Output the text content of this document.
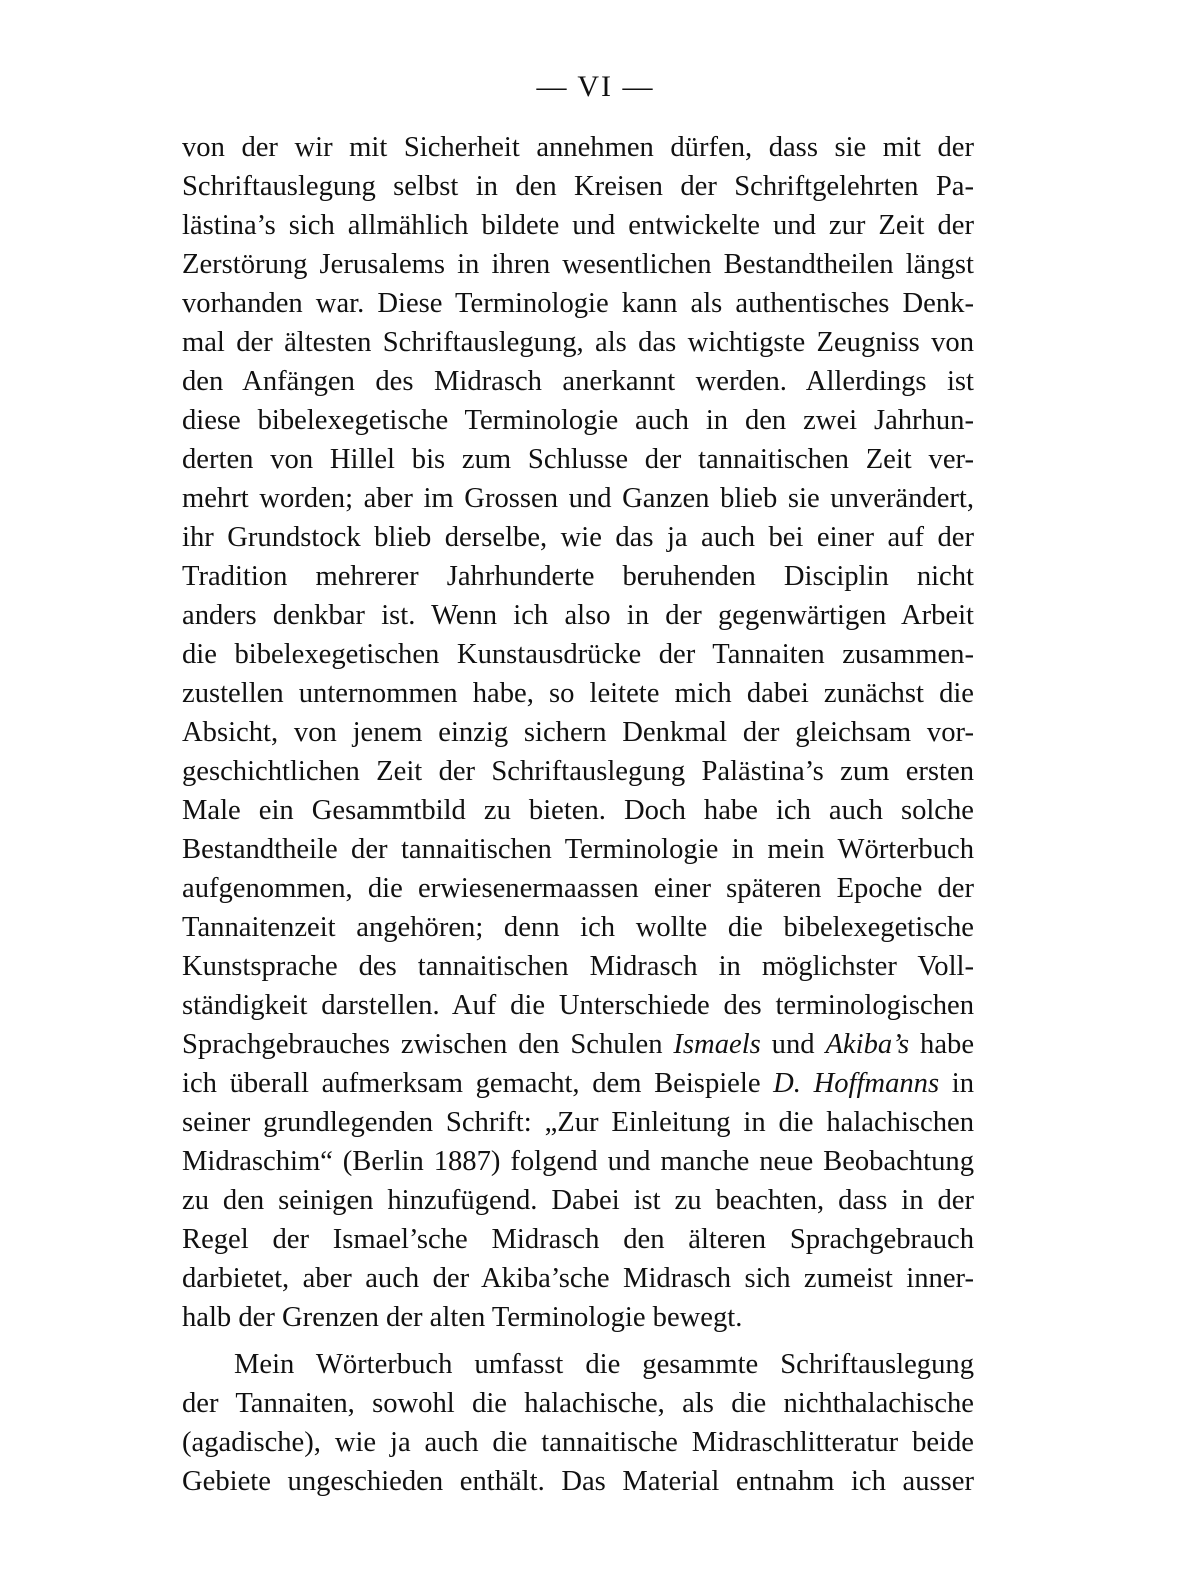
— VI —
von der wir mit Sicherheit annehmen dürfen, dass sie mit der
Schriftauslegung selbst in den Kreisen der Schriftgelehrten Pa-
lästina’s sich allmählich bildete und entwickelte und zur Zeit der
Zerstörung Jerusalems in ihren wesentlichen Bestandtheilen längst
vorhanden war. Diese Terminologie kann als authentisches Denk-
mal der ältesten Schriftauslegung, als das wichtigste Zeugniss von
den Anfängen des Midrasch anerkannt werden. Allerdings ist
diese bibelexegetische Terminologie auch in den zwei Jahrhun-
derten von Hillel bis zum Schlusse der tannaitischen Zeit ver-
mehrt worden; aber im Grossen und Ganzen blieb sie unverändert,
ihr Grundstock blieb derselbe, wie das ja auch bei einer auf der
Tradition mehrerer Jahrhunderte beruhenden Disciplin nicht
anders denkbar ist. Wenn ich also in der gegenwärtigen Arbeit
die bibelexegetischen Kunstausdrücke der Tannaiten zusammen-
zustellen unternommen habe, so leitete mich dabei zunächst die
Absicht, von jenem einzig sichern Denkmal der gleichsam vor-
geschichtlichen Zeit der Schriftauslegung Palästina’s zum ersten
Male ein Gesammtbild zu bieten. Doch habe ich auch solche
Bestandtheile der tannaitischen Terminologie in mein Wörterbuch
aufgenommen, die erwiesenermaassen einer späteren Epoche der
Tannaitenzeit angehören; denn ich wollte die bibelexegetische
Kunstsprache des tannaitischen Midrasch in möglichster Voll-
ständigkeit darstellen. Auf die Unterschiede des terminologischen
Sprachgebrauches zwischen den Schulen Ismaels und Akiba’s habe
ich überall aufmerksam gemacht, dem Beispiele D. Hoffmanns in
seiner grundlegenden Schrift: „Zur Einleitung in die halachischen
Midraschim“ (Berlin 1887) folgend und manche neue Beobachtung
zu den seinigen hinzufügend. Dabei ist zu beachten, dass in der
Regel der Ismael’sche Midrasch den älteren Sprachgebrauch
darbietet, aber auch der Akiba’sche Midrasch sich zumeist inner-
halb der Grenzen der alten Terminologie bewegt.
Mein Wörterbuch umfasst die gesammte Schriftauslegung
der Tannaiten, sowohl die halachische, als die nichthalachische
(agadische), wie ja auch die tannaitische Midraschlitteratur beide
Gebiete ungeschieden enthält. Das Material entnahm ich ausser
